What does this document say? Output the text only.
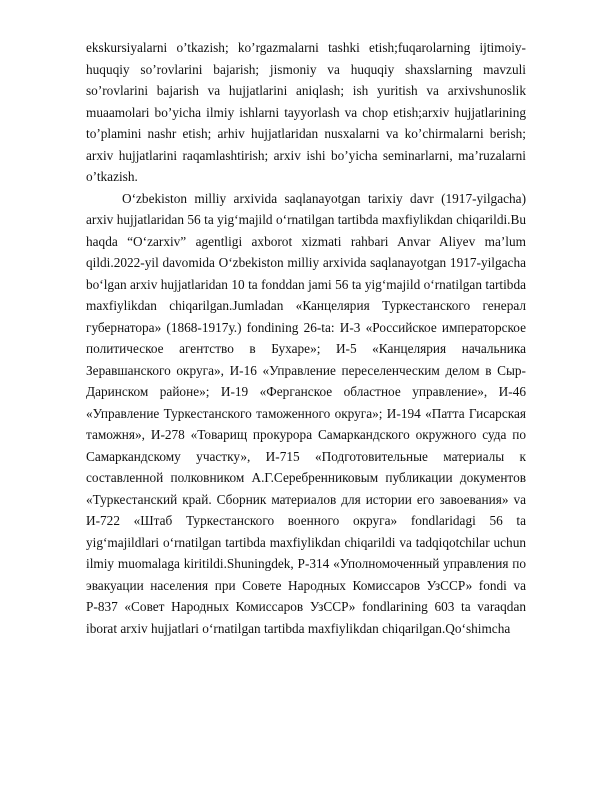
ekskursiyalarni o’tkazish; ko’rgazmalarni tashki etish;fuqarolarning ijtimoiy-huquqiy so’rovlarini bajarish; jismoniy va huquqiy shaxslarning mavzuli so’rovlarini bajarish va hujjatlarini aniqlash; ish yuritish va arxivshunoslik muaamolari bo’yicha ilmiy ishlarni tayyorlash va chop etish;arxiv hujjatlarining to’plamini nashr etish; arhiv hujjatlaridan nusxalarni va ko’chirmalarni berish; arxiv hujjatlarini raqamlashtirish; arxiv ishi bo’yicha seminarlarni, ma’ruzalarni o’tkazish.

O‘zbekiston milliy arxivida saqlanayotgan tarixiy davr (1917-yilgacha) arxiv hujjatlaridan 56 ta yig‘majild o‘rnatilgan tartibda maxfiylikdan chiqarildi.Bu haqda “O‘zarxiv” agentligi axborot xizmati rahbari Anvar Aliyev ma’lum qildi.2022-yil davomida O‘zbekiston milliy arxivida saqlanayotgan 1917-yilgacha bo‘lgan arxiv hujjatlaridan 10 ta fonddan jami 56 ta yig‘majild o‘rnatilgan tartibda maxfiylikdan chiqarilgan.Jumladan «Канцелярия Туркестанского генерал губернатора» (1868-1917у.) fondining 26-ta: И-3 «Российское императорское политическое агентство в Бухаре»; И-5 «Канцелярия начальника Зеравшанского округа», И-16 «Управление переселенческим делом в Сыр-Даринском районе»; И-19 «Ферганское областное управление», И-46 «Управление Туркестанского таможенного округа»; И-194 «Патта Гисарская таможня», И-278 «Товарищ прокурора Самаркандского окружного суда по Самаркандскому участку», И-715 «Подготовительные материалы к составленной полковником А.Г.Серебренниковым публикации документов «Туркестанский край. Сборник материалов для истории его завоевания» va И-722 «Штаб Туркестанского военного округа» fondlaridagi 56 ta yig‘majildlari o‘rnatilgan tartibda maxfiylikdan chiqarildi va tadqiqotchilar uchun ilmiy muomalaga kiritildi.Shuningdek, Р-314 «Уполномоченный управления по эвакуации населения при Совете Народных Комиссаров УзССР» fondi va Р-837 «Совет Народных Комиссаров УзССР» fondlarining 603 ta varaqdan iborat arxiv hujjatlari o‘rnatilgan tartibda maxfiylikdan chiqarilgan.Qo‘shimcha
